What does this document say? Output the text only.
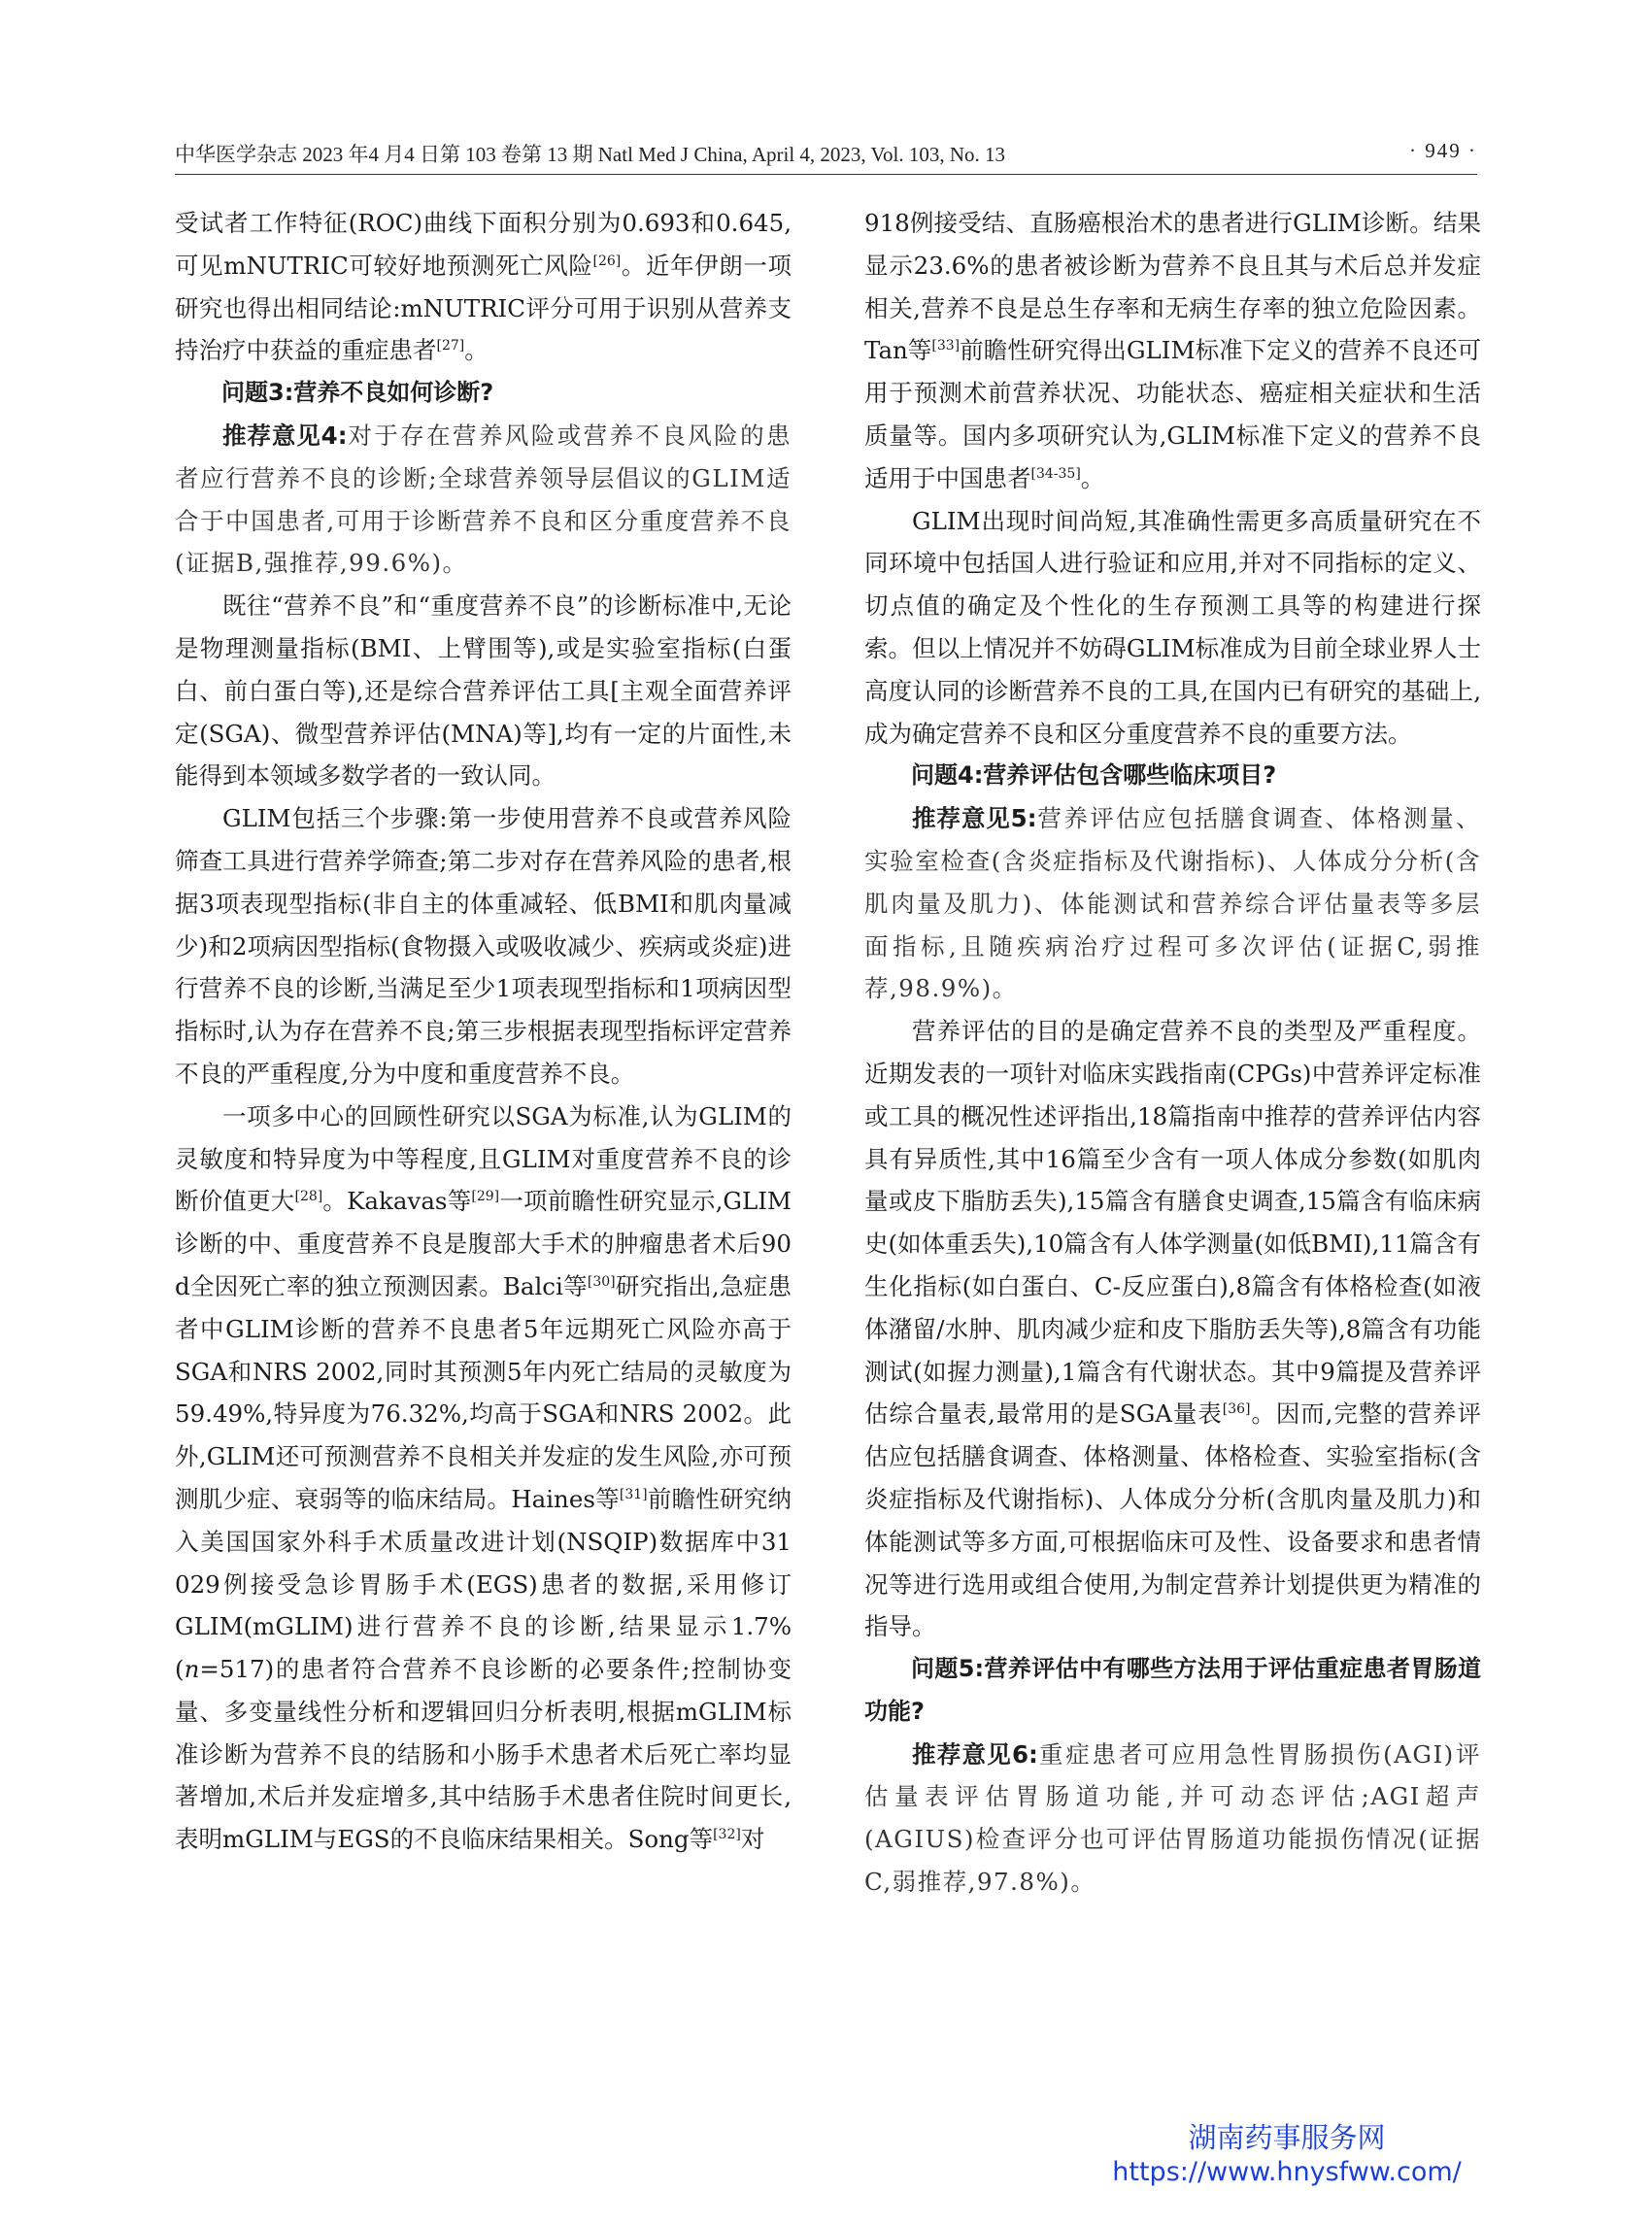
中华医学杂志 2023 年4 月4 日第 103 卷第 13 期 Natl Med J China, April 4, 2023, Vol. 103, No. 13	· 949 ·

受试者工作特征(ROC)曲线下面积分别为0.693和0.645,可见mNUTRIC可较好地预测死亡风险[26]。近年伊朗一项研究也得出相同结论:mNUTRIC评分可用于识别从营养支持治疗中获益的重症患者[27]。

问题3:营养不良如何诊断?

推荐意见4:对于存在营养风险或营养不良风险的患者应行营养不良的诊断;全球营养领导层倡议的GLIM适合于中国患者,可用于诊断营养不良和区分重度营养不良(证据B,强推荐,99.6%)。

既往“营养不良”和“重度营养不良”的诊断标准中,无论是物理测量指标(BMI、上臂围等),或是实验室指标(白蛋白、前白蛋白等),还是综合营养评估工具[主观全面营养评定(SGA)、微型营养评估(MNA)等],均有一定的片面性,未能得到本领域多数学者的一致认同。

GLIM包括三个步骤:第一步使用营养不良或营养风险筛查工具进行营养学筛查;第二步对存在营养风险的患者,根据3项表现型指标(非自主的体重减轻、低BMI和肌肉量减少)和2项病因型指标(食物摄入或吸收减少、疾病或炎症)进行营养不良的诊断,当满足至少1项表现型指标和1项病因型指标时,认为存在营养不良;第三步根据表现型指标评定营养不良的严重程度,分为中度和重度营养不良。

一项多中心的回顾性研究以SGA为标准,认为GLIM的灵敏度和特异度为中等程度,且GLIM对重度营养不良的诊断价值更大[28]。Kakavas等[29]一项前瞻性研究显示,GLIM诊断的中、重度营养不良是腹部大手术的肿瘤患者术后90 d全因死亡率的独立预测因素。Balci等[30]研究指出,急症患者中GLIM诊断的营养不良患者5年远期死亡风险亦高于SGA和NRS 2002,同时其预测5年内死亡结局的灵敏度为59.49%,特异度为76.32%,均高于SGA和NRS 2002。此外,GLIM还可预测营养不良相关并发症的发生风险,亦可预测肌少症、衰弱等的临床结局。Haines等[31]前瞻性研究纳入美国国家外科手术质量改进计划(NSQIP)数据库中31 029例接受急诊胃肠手术(EGS)患者的数据,采用修订GLIM(mGLIM)进行营养不良的诊断,结果显示1.7%(n=517)的患者符合营养不良诊断的必要条件;控制协变量、多变量线性分析和逻辑回归分析表明,根据mGLIM标准诊断为营养不良的结肠和小肠手术患者术后死亡率均显著增加,术后并发症增多,其中结肠手术患者住院时间更长,表明mGLIM与EGS的不良临床结果相关。Song等[32]对

918例接受结、直肠癌根治术的患者进行GLIM诊断。结果显示23.6%的患者被诊断为营养不良且其与术后总并发症相关,营养不良是总生存率和无病生存率的独立危险因素。Tan等[33]前瞻性研究得出GLIM标准下定义的营养不良还可用于预测术前营养状况、功能状态、癌症相关症状和生活质量等。国内多项研究认为,GLIM标准下定义的营养不良适用于中国患者[34-35]。

GLIM出现时间尚短,其准确性需更多高质量研究在不同环境中包括国人进行验证和应用,并对不同指标的定义、切点值的确定及个性化的生存预测工具等的构建进行探索。但以上情况并不妨碍GLIM标准成为目前全球业界人士高度认同的诊断营养不良的工具,在国内已有研究的基础上,成为确定营养不良和区分重度营养不良的重要方法。

问题4:营养评估包含哪些临床项目?

推荐意见5:营养评估应包括膳食调查、体格测量、实验室检查(含炎症指标及代谢指标)、人体成分分析(含肌肉量及肌力)、体能测试和营养综合评估量表等多层面指标,且随疾病治疗过程可多次评估(证据C,弱推荐,98.9%)。

营养评估的目的是确定营养不良的类型及严重程度。近期发表的一项针对临床实践指南(CPGs)中营养评定标准或工具的概况性述评指出,18篇指南中推荐的营养评估内容具有异质性,其中16篇至少含有一项人体成分参数(如肌肉量或皮下脂肪丢失),15篇含有膳食史调查,15篇含有临床病史(如体重丢失),10篇含有人体学测量(如低BMI),11篇含有生化指标(如白蛋白、C-反应蛋白),8篇含有体格检查(如液体潴留/水肿、肌肉减少症和皮下脂肪丢失等),8篇含有功能测试(如握力测量),1篇含有代谢状态。其中9篇提及营养评估综合量表,最常用的是SGA量表[36]。因而,完整的营养评估应包括膳食调查、体格测量、体格检查、实验室指标(含炎症指标及代谢指标)、人体成分分析(含肌肉量及肌力)和体能测试等多方面,可根据临床可及性、设备要求和患者情况等进行选用或组合使用,为制定营养计划提供更为精准的指导。

问题5:营养评估中有哪些方法用于评估重症患者胃肠道功能?

推荐意见6:重症患者可应用急性胃肠损伤(AGI)评估量表评估胃肠道功能,并可动态评估;AGI超声(AGIUS)检查评分也可评估胃肠道功能损伤情况(证据C,弱推荐,97.8%)。

湖南药事服务网
https://www.hnysfww.com/
